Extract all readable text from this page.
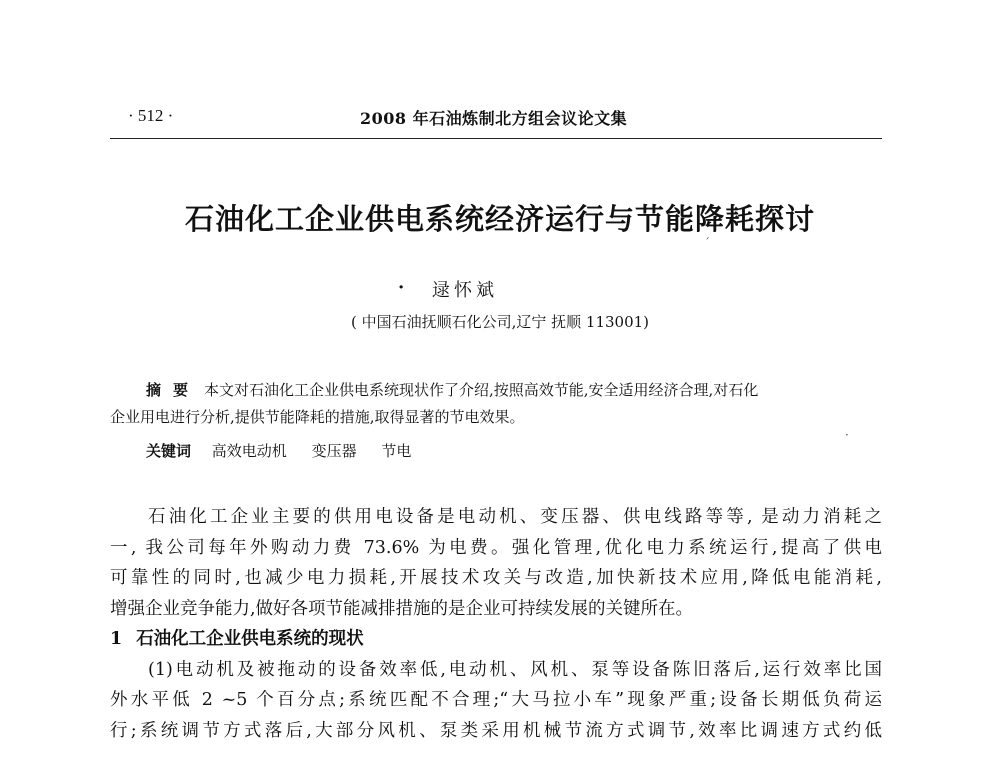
· 512 ·	2008 年石油炼制北方组会议论文集
石油化工企业供电系统经济运行与节能降耗探讨
ˊ
·
· 逯怀斌
( 中国石油抚顺石化公司,辽宁 抚顺 113001)
摘要 本文对石油化工企业供电系统现状作了介绍,按照高效节能,安全适用经济合理,对石化
企业用电进行分析,提供节能降耗的措施,取得显著的节电效果。
关键词 高效电动机 变压器 节电
石油化工企业主要的供用电设备是电动机、变压器、供电线路等等, 是动力消耗之
一, 我公司每年外购动力费 73.6% 为电费。强化管理,优化电力系统运行,提高了供电
可靠性的同时,也减少电力损耗,开展技术攻关与改造,加快新技术应用,降低电能消耗,
增强企业竞争能力,做好各项节能减排措施的是企业可持续发展的关键所在。
1 石油化工企业供电系统的现状
(1)电动机及被拖动的设备效率低,电动机、风机、泵等设备陈旧落后,运行效率比国
外水平低 2 ~5 个百分点;系统匹配不合理;“大马拉小车”现象严重;设备长期低负荷运
行;系统调节方式落后,大部分风机、泵类采用机械节流方式调节,效率比调速方式约低
